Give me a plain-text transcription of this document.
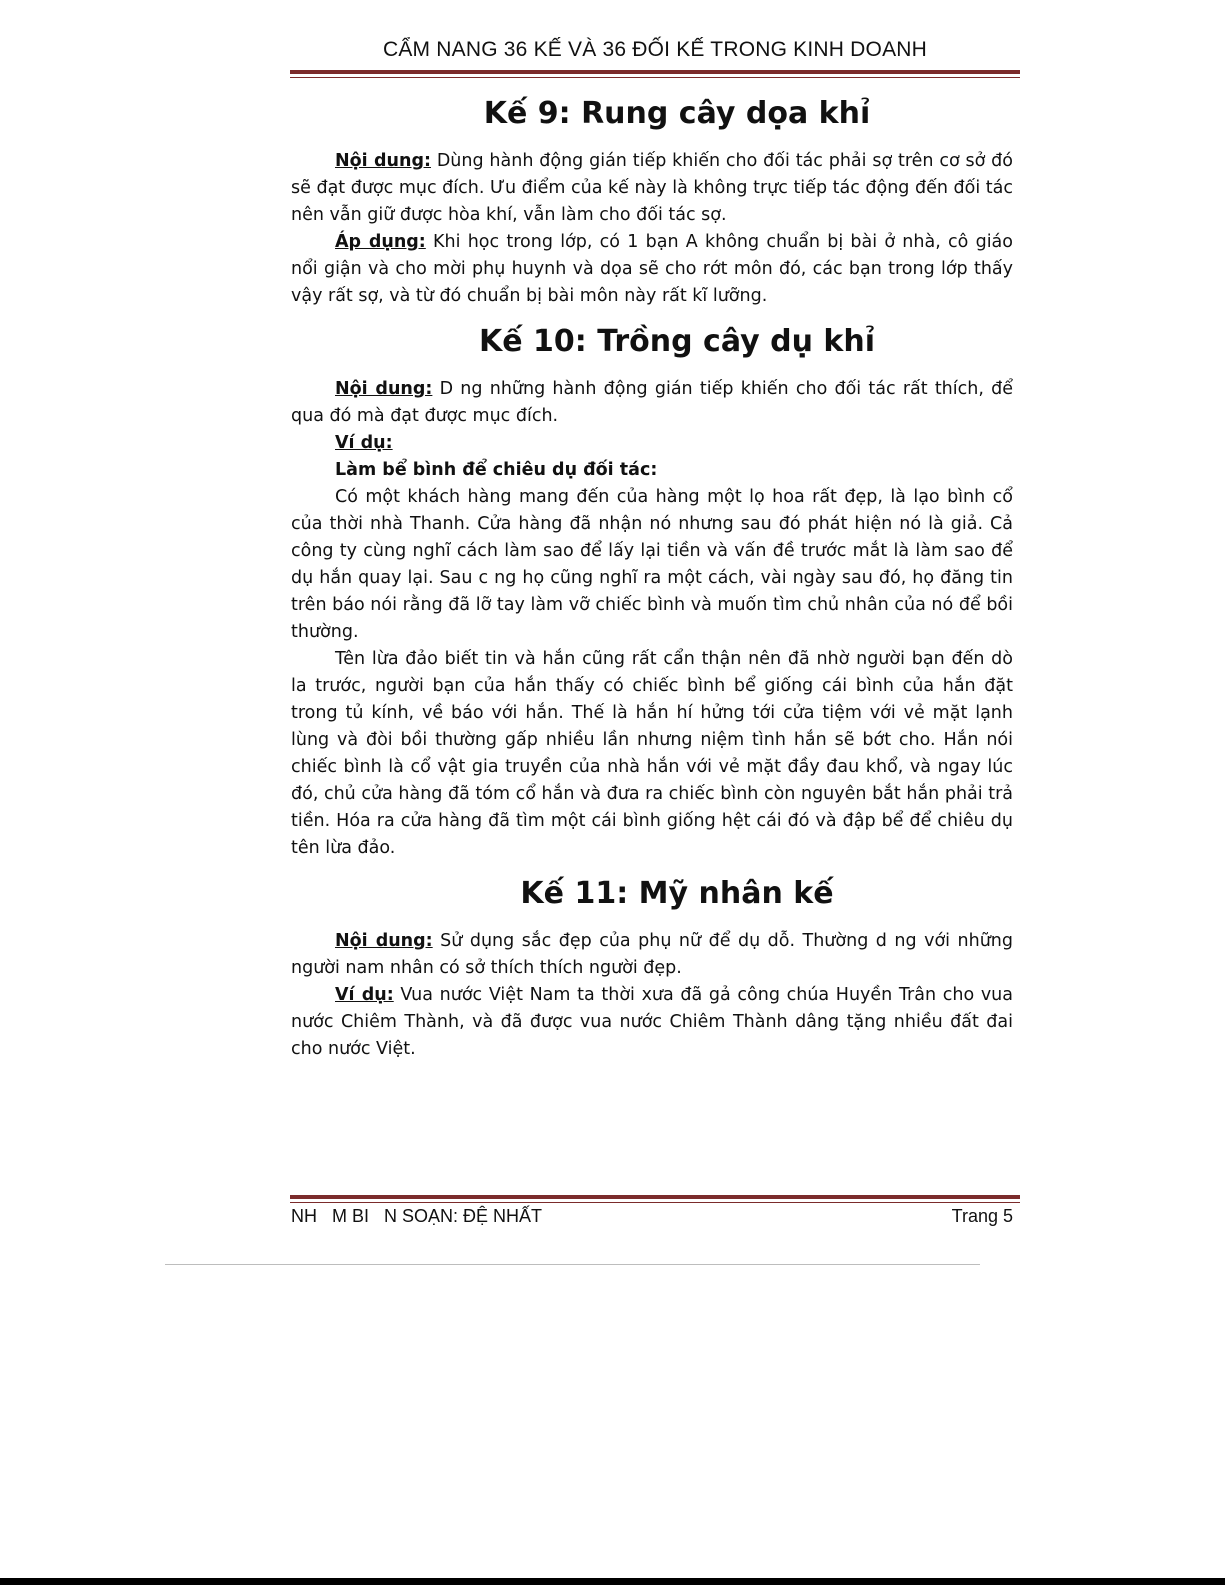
CẨM NANG 36 KẾ VÀ 36 ĐỐI KẾ TRONG KINH DOANH
Kế 9: Rung cây dọa khỉ

Nội dung: Dùng hành động gián tiếp khiến cho đối tác phải sợ trên cơ sở đó sẽ đạt được mục đích. Ưu điểm của kế này là không trực tiếp tác động đến đối tác nên vẫn giữ được hòa khí, vẫn làm cho đối tác sợ.

Áp dụng: Khi học trong lớp, có 1 bạn A không chuẩn bị bài ở nhà, cô giáo nổi giận và cho mời phụ huynh và dọa sẽ cho rớt môn đó, các bạn trong lớp thấy vậy rất sợ, và từ đó chuẩn bị bài môn này rất kĩ lưỡng.

Kế 10: Trồng cây dụ khỉ

Nội dung: D ng những hành động gián tiếp khiến cho đối tác rất thích, để qua đó mà đạt được mục đích.

Ví dụ:

Làm bể bình để chiêu dụ đối tác:

Có một khách hàng mang đến của hàng một lọ hoa rất đẹp, là lạo bình cổ của thời nhà Thanh. Cửa hàng đã nhận nó nhưng sau đó phát hiện nó là giả. Cả công ty cùng nghĩ cách làm sao để lấy lại tiền và vấn đề trước mắt là làm sao để dụ hắn quay lại. Sau c ng họ cũng nghĩ ra một cách, vài ngày sau đó, họ đăng tin trên báo nói rằng đã lỡ tay làm vỡ chiếc bình và muốn tìm chủ nhân của nó để bồi thường.

Tên lừa đảo biết tin và hắn cũng rất cẩn thận nên đã nhờ người bạn đến dò la trước, người bạn của hắn thấy có chiếc bình bể giống cái bình của hắn đặt trong tủ kính, về báo với hắn. Thế là hắn hí hửng tới cửa tiệm với vẻ mặt lạnh lùng và đòi bồi thường gấp nhiều lần nhưng niệm tình hắn sẽ bớt cho. Hắn nói chiếc bình là cổ vật gia truyền của nhà hắn với vẻ mặt đầy đau khổ, và ngay lúc đó, chủ cửa hàng đã tóm cổ hắn và đưa ra chiếc bình còn nguyên bắt hắn phải trả tiền. Hóa ra cửa hàng đã tìm một cái bình giống hệt cái đó và đập bể để chiêu dụ tên lừa đảo.

Kế 11: Mỹ nhân kế

Nội dung: Sử dụng sắc đẹp của phụ nữ để dụ dỗ. Thường d ng với những người nam nhân có sở thích thích người đẹp.

Ví dụ: Vua nước Việt Nam ta thời xưa đã gả công chúa Huyền Trân cho vua nước Chiêm Thành, và đã được vua nước Chiêm Thành dâng tặng nhiều đất đai cho nước Việt.

NH   M BI   N SOẠN: ĐỆ NHẤT	Trang 5
